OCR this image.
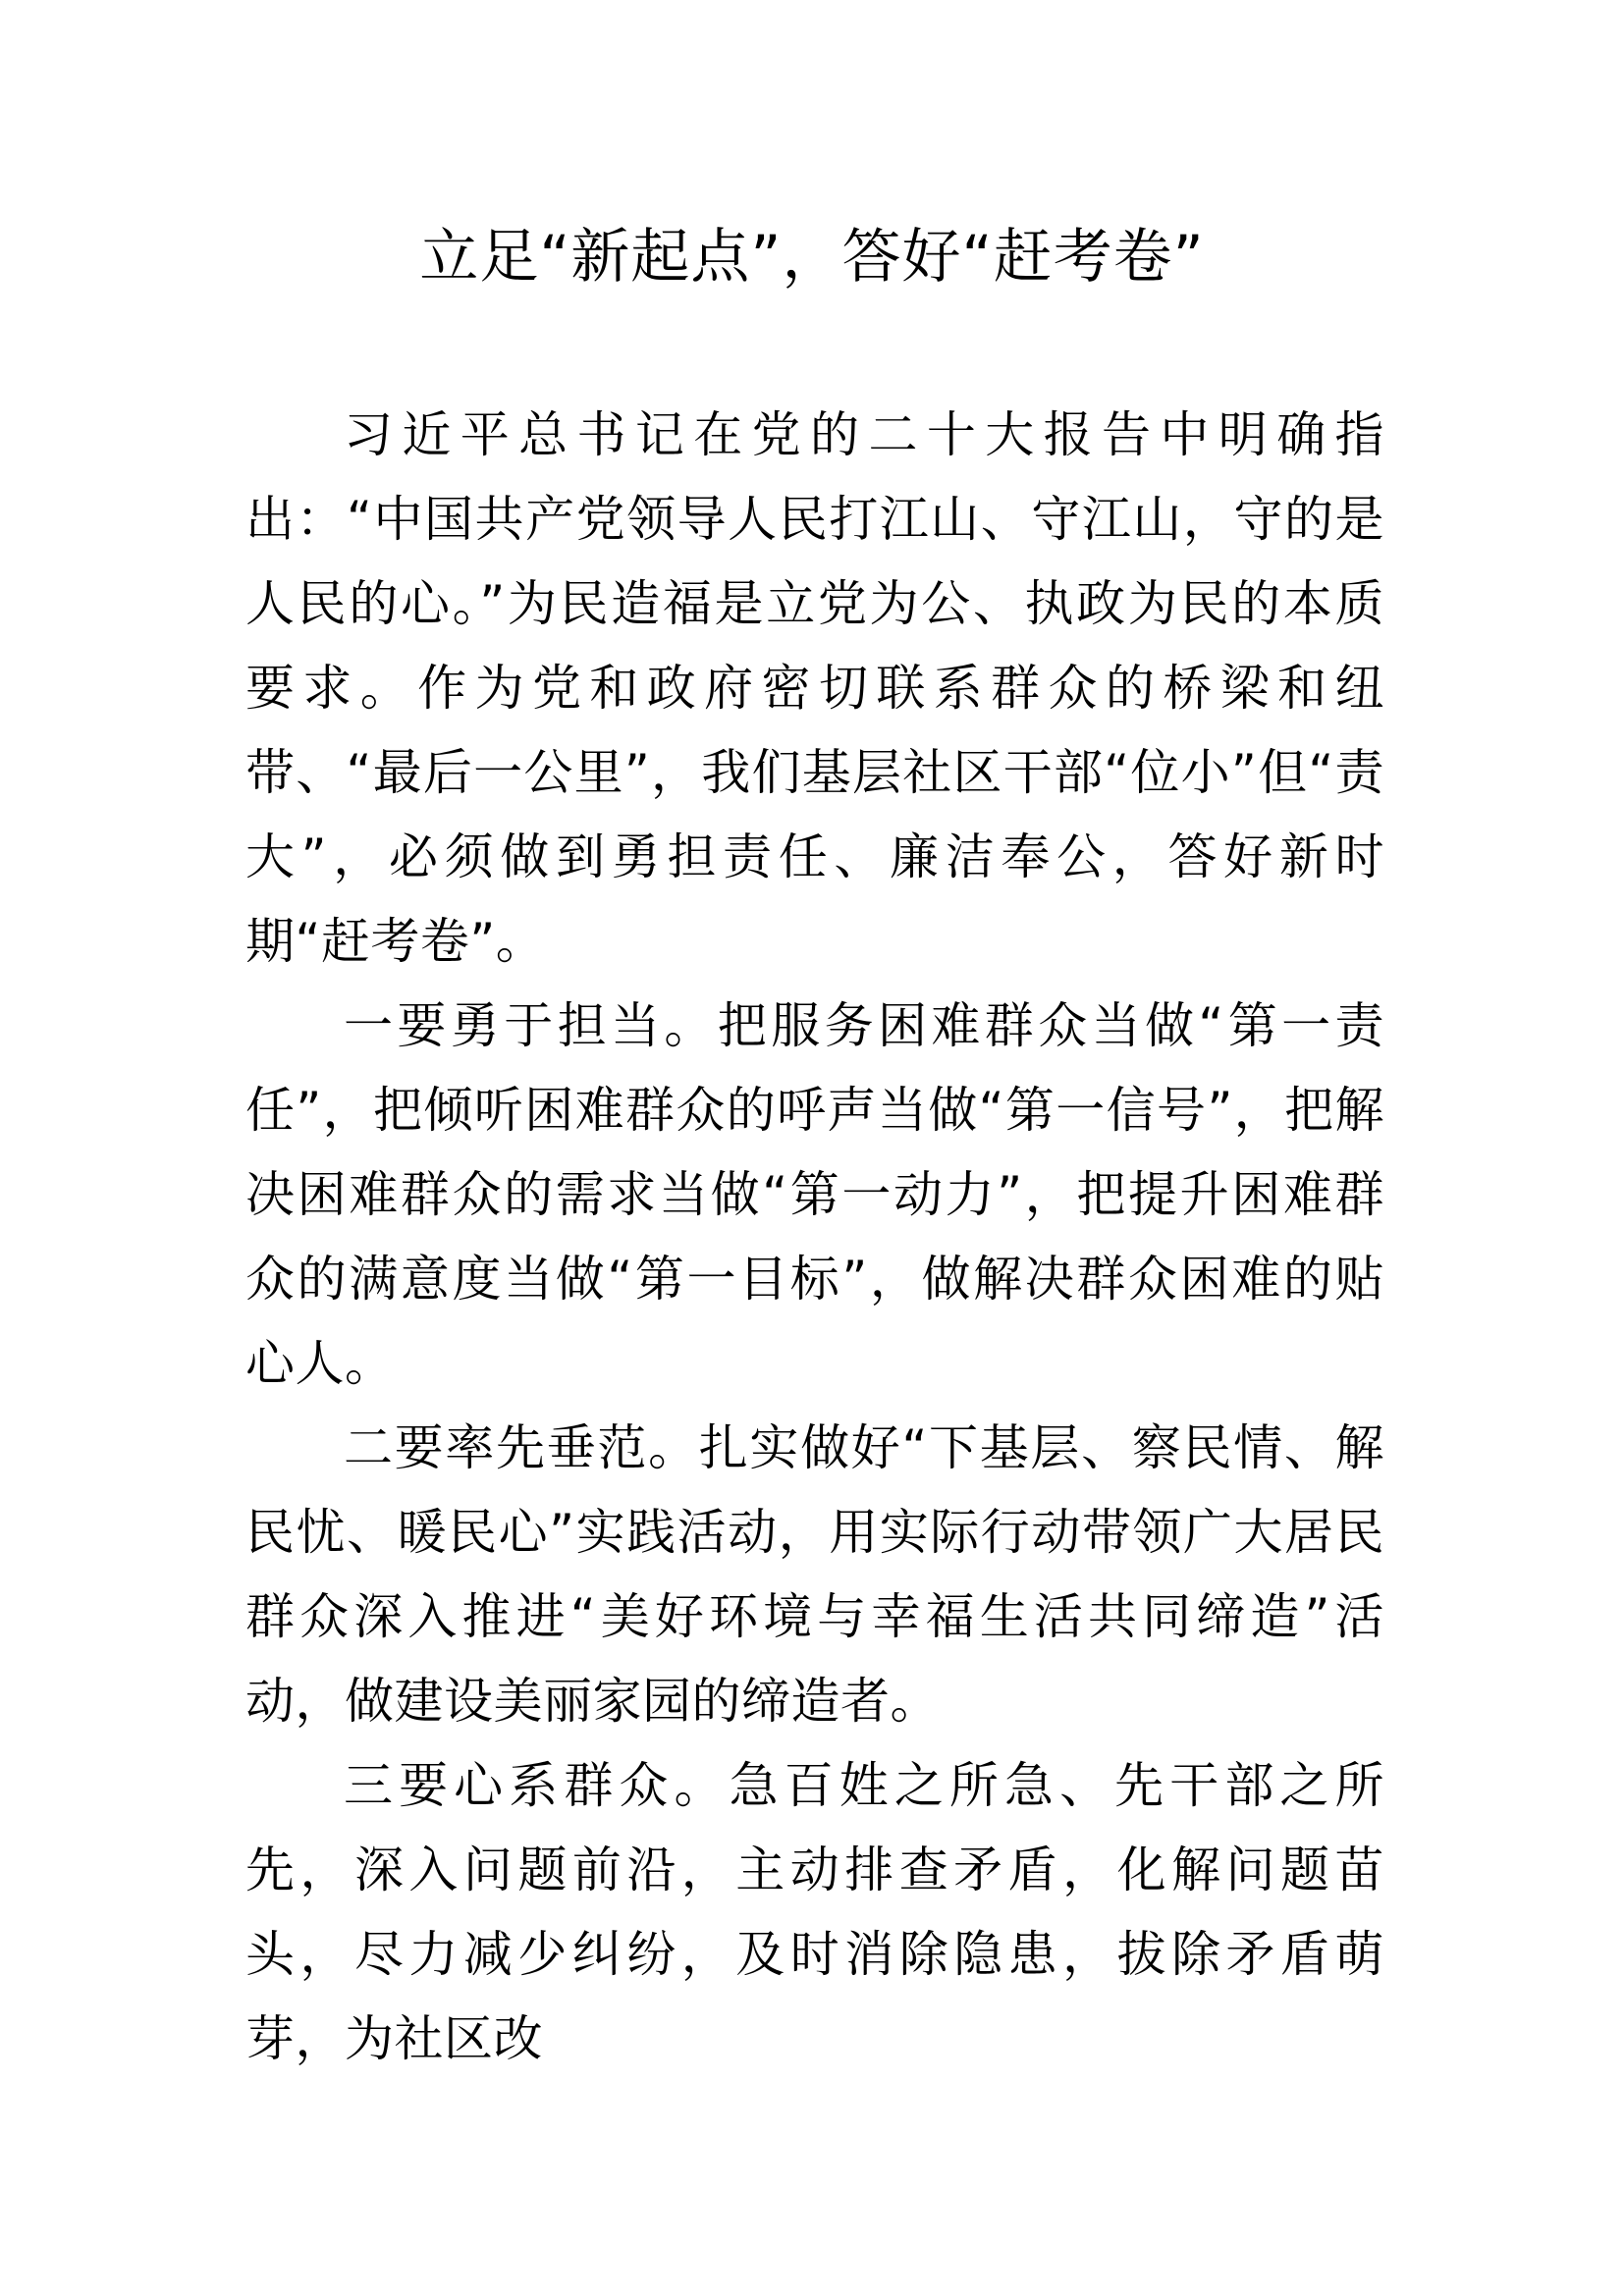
立足“新起点”，答好“赶考卷”

习近平总书记在党的二十大报告中明确指出：“中国共产党领导人民打江山、守江山，守的是人民的心。”为民造福是立党为公、执政为民的本质要求。作为党和政府密切联系群众的桥梁和纽带、“最后一公里”，我们基层社区干部“位小”但“责大”，必须做到勇担责任、廉洁奉公，答好新时期“赶考卷”。

一要勇于担当。把服务困难群众当做“第一责任”，把倾听困难群众的呼声当做“第一信号”，把解决困难群众的需求当做“第一动力”，把提升困难群众的满意度当做“第一目标”，做解决群众困难的贴心人。

二要率先垂范。扎实做好“下基层、察民情、解民忧、暖民心”实践活动，用实际行动带领广大居民群众深入推进“美好环境与幸福生活共同缔造”活动，做建设美丽家园的缔造者。

三要心系群众。急百姓之所急、先干部之所先，深入问题前沿，主动排查矛盾，化解问题苗头，尽力减少纠纷，及时消除隐患，拔除矛盾萌芽，为社区改
